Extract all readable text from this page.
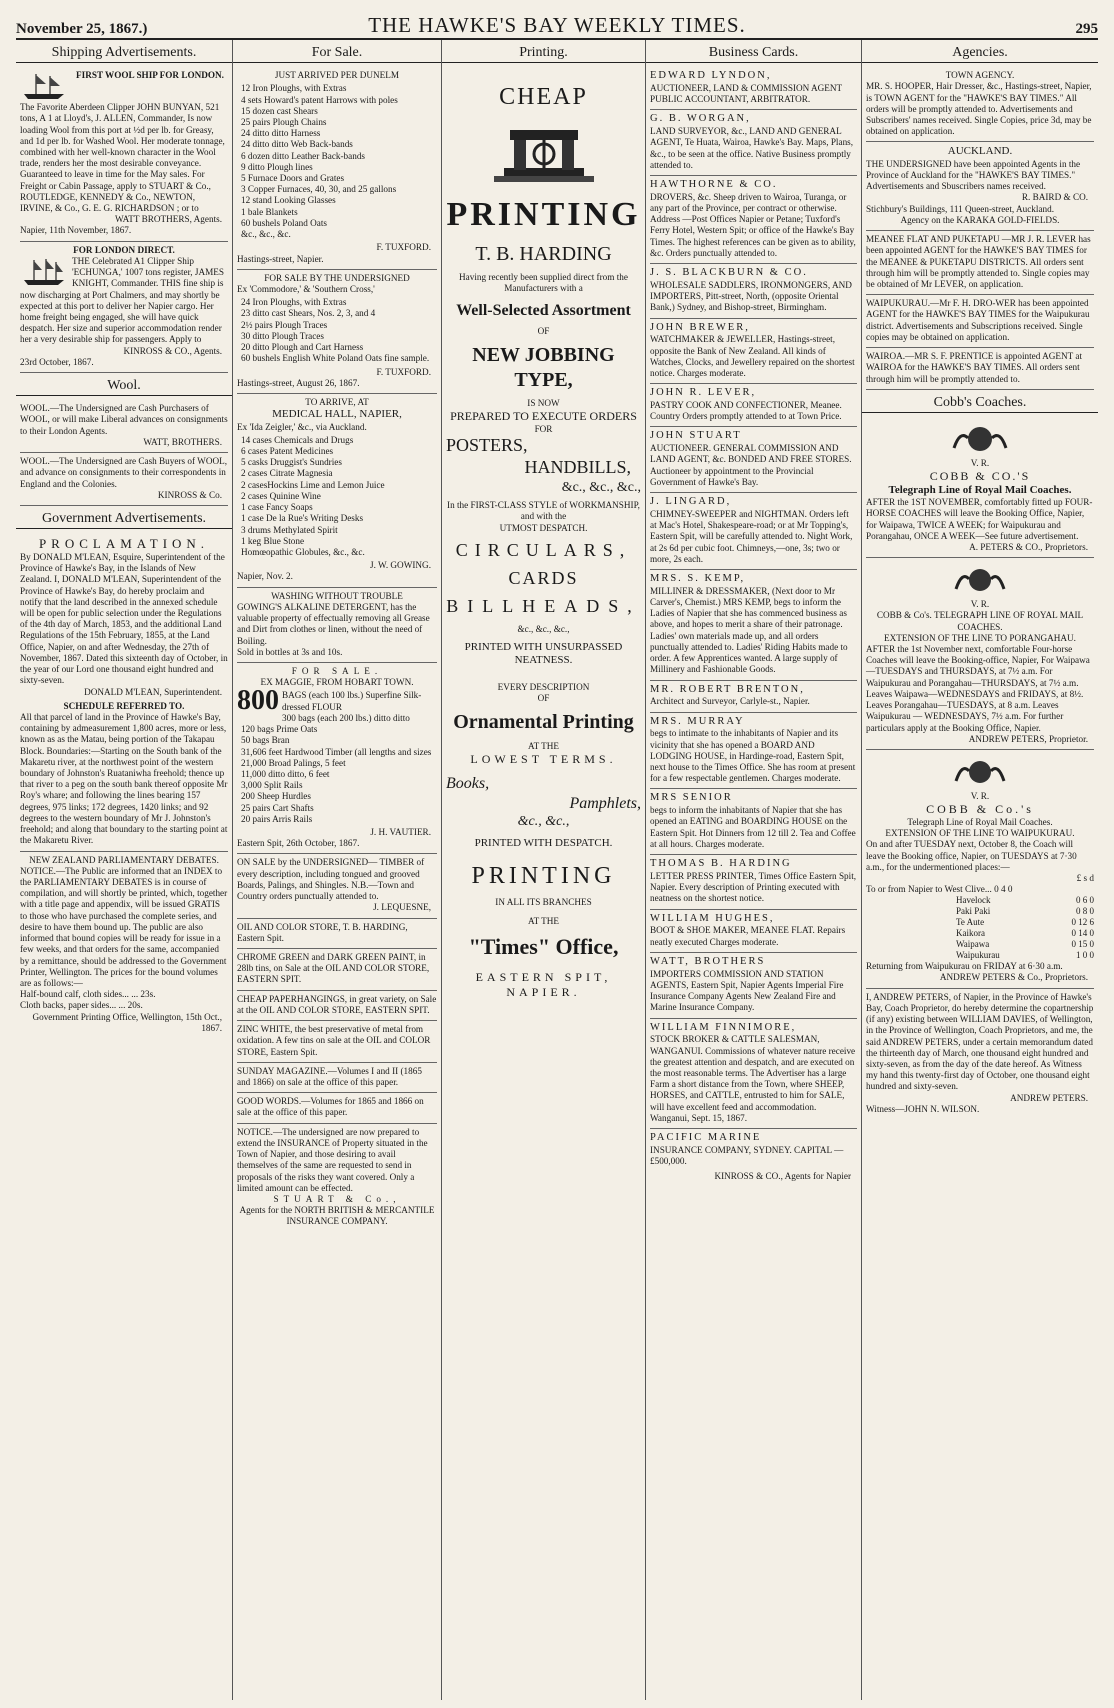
November 25, 1867.)	THE HAWKE'S BAY WEEKLY TIMES.	295
Shipping Advertisements.
FIRST WOOL SHIP FOR LONDON.
The Favorite Aberdeen Clipper JOHN BUNYAN, 521 tons, A 1 at Lloyd's, J. ALLEN, Commander, Is now loading Wool from this port at ½d per lb. for Greasy, and 1d per lb. for Washed Wool. Her moderate tonnage, combined with her well-known character in the Wool trade, renders her the most desirable conveyance. Guaranteed to leave in time for the May sales. For Freight or Cabin Passage, apply to STUART & Co., ROUTLEDGE, KENNEDY & Co., NEWTON, IRVINE, & Co., G. E. G. RICHARDSON ; or to
WATT BROTHERS, Agents.
Napier, 11th November, 1867.
FOR LONDON DIRECT.
THE Celebrated A1 Clipper Ship 'ECHUNGA,' 1007 tons register, JAMES KNIGHT, Commander. THIS fine ship is now discharging at Port Chalmers, and may shortly be expected at this port to deliver her Napier cargo. Her home freight being engaged, she will have quick despatch. Her size and superior accommodation render her a very desirable ship for passengers. Apply to
KINROSS & CO., Agents.
23rd October, 1867.
Wool.
WOOL.—The Undersigned are Cash Purchasers of WOOL, or will make Liberal advances on consignments to their London Agents.
WATT, BROTHERS.
WOOL.—The Undersigned are Cash Buyers of WOOL, and advance on consignments to their correspondents in England and the Colonies.
KINROSS & Co.
Government Advertisements.
PROCLAMATION.
By DONALD M'LEAN, Esquire, Superintendent of the Province of Hawke's Bay, in the Islands of New Zealand. I, DONALD M'LEAN, Superintendent of the Province of Hawke's Bay, do hereby proclaim and notify that the land described in the annexed schedule will be open for public selection under the Regulations of the 4th day of March, 1853, and the additional Land Regulations of the 15th February, 1855, at the Land Office, Napier, on and after Wednesday, the 27th of November, 1867. Dated this sixteenth day of October, in the year of our Lord one thousand eight hundred and sixty-seven.
DONALD M'LEAN, Superintendent.
SCHEDULE REFERRED TO.
All that parcel of land in the Province of Hawke's Bay, containing by admeasurement 1,800 acres, more or less, known as as the Matau, being portion of the Takapau Block. Boundaries:—Starting on the South bank of the Makaretu river, at the northwest point of the western boundary of Johnston's Ruataniwha freehold; thence up that river to a peg on the south bank thereof opposite Mr Roy's whare; and following the lines bearing 157 degrees, 975 links; 172 degrees, 1420 links; and 92 degrees to the western boundary of Mr J. Johnston's freehold; and along that boundary to the starting point at the Makaretu River.
NEW ZEALAND PARLIAMENTARY DEBATES.
NOTICE.—The Public are informed that an INDEX to the PARLIAMENTARY DEBATES is in course of compilation, and will shortly be printed, which, together with a title page and appendix, will be issued GRATIS to those who have purchased the complete series, and desire to have them bound up. The public are also informed that bound copies will be ready for issue in a few weeks, and that orders for the same, accompanied by a remittance, should be addressed to the Government Printer, Wellington. The prices for the bound volumes are as follows:—
Half-bound calf, cloth sides... ... 23s.
Cloth backs, paper sides... ... 20s.
Government Printing Office, Wellington, 15th Oct., 1867.
For Sale.
JUST ARRIVED PER DUNELM
12 Iron Ploughs, with Extras
4 sets Howard's patent Harrows with poles
15 dozen cast Shears
25 pairs Plough Chains
24 ditto ditto Harness
24 ditto ditto Web Back-bands
6 dozen ditto Leather Back-bands
9 ditto Plough lines
5 Furnace Doors and Grates
3 Copper Furnaces, 40, 30, and 25 gallons
12 stand Looking Glasses
1 bale Blankets
60 bushels Poland Oats
&c., &c., &c.
F. TUXFORD.
Hastings-street, Napier.
FOR SALE BY THE UNDERSIGNED
Ex 'Commodore,' & 'Southern Cross,'
24 Iron Ploughs, with Extras
23 ditto cast Shears, Nos. 2, 3, and 4
2½ pairs Plough Traces
30 ditto Plough Traces
20 ditto Plough and Cart Harness
60 bushels English White Poland Oats fine sample.
F. TUXFORD.
Hastings-street, August 26, 1867.
TO ARRIVE, AT
MEDICAL HALL, NAPIER,
Ex 'Ida Zeigler,' &c., via Auckland.
14 cases Chemicals and Drugs
6 cases Patent Medicines
5 casks Druggist's Sundries
2 cases Citrate Magnesia
2 casesHockins Lime and Lemon Juice
2 cases Quinine Wine
1 case Fancy Soaps
1 case De la Rue's Writing Desks
3 drums Methylated Spirit
1 keg Blue Stone
Homœopathic Globules, &c., &c.
J. W. GOWING.
Napier, Nov. 2.
WASHING WITHOUT TROUBLE
GOWING'S ALKALINE DETERGENT, has the valuable property of effectually removing all Grease and Dirt from clothes or linen, without the need of Boiling.
Sold in bottles at 3s and 10s.
FOR SALE.
EX MAGGIE, FROM HOBART TOWN.
800 BAGS (each 100 lbs.) Superfine Silk-dressed FLOUR
300 bags (each 200 lbs.) ditto ditto
120 bags Prime Oats
50 bags Bran
31,606 feet Hardwood Timber (all lengths and sizes
21,000 Broad Palings, 5 feet
11,000 ditto ditto, 6 feet
3,000 Split Rails
200 Sheep Hurdles
25 pairs Cart Shafts
20 pairs Arris Rails
J. H. VAUTIER.
Eastern Spit, 26th October, 1867.
ON SALE by the UNDERSIGNED— TIMBER of every description, including tongued and grooved Boards, Palings, and Shingles. N.B.—Town and Country orders punctually attended to.
J. LEQUESNE,
OIL AND COLOR STORE, T. B. HARDING, Eastern Spit.
CHROME GREEN and DARK GREEN PAINT, in 28lb tins, on Sale at the OIL AND COLOR STORE, EASTERN SPIT.
CHEAP PAPERHANGINGS, in great variety, on Sale at the OIL AND COLOR STORE, EASTERN SPIT.
ZINC WHITE, the best preservative of metal from oxidation. A few tins on sale at the OIL and COLOR STORE, Eastern Spit.
SUNDAY MAGAZINE.—Volumes I and II (1865 and 1866) on sale at the office of this paper.
GOOD WORDS.—Volumes for 1865 and 1866 on sale at the office of this paper.
NOTICE.—The undersigned are now prepared to extend the INSURANCE of Property situated in the Town of Napier, and those desiring to avail themselves of the same are requested to send in proposals of the risks they want covered. Only a limited amount can be effected.
STUART & Co.,
Agents for the NORTH BRITISH & MERCANTILE INSURANCE COMPANY.
Printing.
CHEAP
PRINTING
T. B. HARDING
Having recently been supplied direct from the Manufacturers with a
Well-Selected Assortment
OF
NEW JOBBING TYPE,
IS NOW
PREPARED TO EXECUTE ORDERS
FOR
POSTERS,
HANDBILLS,
&c., &c., &c.,
In the FIRST-CLASS STYLE of WORKMANSHIP, and with the
UTMOST DESPATCH.
CIRCULARS,
CARDS
BILLHEADS,
&c., &c., &c.,
PRINTED WITH UNSURPASSED NEATNESS.
EVERY DESCRIPTION
OF
Ornamental Printing
AT THE
LOWEST TERMS.
Books,
Pamphlets,
&c., &c.,
PRINTED WITH DESPATCH.
PRINTING
IN ALL ITS BRANCHES
AT THE
"Times" Office,
EASTERN SPIT,
NAPIER.
Business Cards.
EDWARD LYNDON,
AUCTIONEER, LAND & COMMISSION AGENT PUBLIC ACCOUNTANT, ARBITRATOR.
G. B. WORGAN,
LAND SURVEYOR, &c., LAND AND GENERAL AGENT, Te Huata, Wairoa, Hawke's Bay. Maps, Plans, &c., to be seen at the office. Native Business promptly attended to.
HAWTHORNE & CO.
DROVERS, &c. Sheep driven to Wairoa, Turanga, or any part of the Province, per contract or otherwise. Address —Post Offices Napier or Petane; Tuxford's Ferry Hotel, Western Spit; or office of the Hawke's Bay Times. The highest references can be given as to ability, &c. Orders punctually attended to.
J. S. BLACKBURN & CO.
WHOLESALE SADDLERS, IRONMONGERS, AND IMPORTERS, Pitt-street, North, (opposite Oriental Bank,) Sydney, and Bishop-street, Birmingham.
JOHN BREWER,
WATCHMAKER & JEWELLER, Hastings-street, opposite the Bank of New Zealand. All kinds of Watches, Clocks, and Jewellery repaired on the shortest notice. Charges moderate.
JOHN R. LEVER,
PASTRY COOK AND CONFECTIONER, Meanee. Country Orders promptly attended to at Town Price.
JOHN STUART
AUCTIONEER. GENERAL COMMISSION AND LAND AGENT, &c. BONDED AND FREE STORES. Auctioneer by appointment to the Provincial Government of Hawke's Bay.
J. LINGARD,
CHIMNEY-SWEEPER and NIGHTMAN. Orders left at Mac's Hotel, Shakespeare-road; or at Mr Topping's, Eastern Spit, will be carefully attended to. Night Work, at 2s 6d per cubic foot. Chimneys,—one, 3s; two or more, 2s each.
MRS. S. KEMP,
MILLINER & DRESSMAKER, (Next door to Mr Carver's, Chemist.) MRS KEMP, begs to inform the Ladies of Napier that she has commenced business as above, and hopes to merit a share of their patronage. Ladies' own materials made up, and all orders punctually attended to. Ladies' Riding Habits made to order. A few Apprentices wanted. A large supply of Millinery and Fashionable Goods.
MR. ROBERT BRENTON,
Architect and Surveyor, Carlyle-st., Napier.
MRS. MURRAY
begs to intimate to the inhabitants of Napier and its vicinity that she has opened a BOARD AND LODGING HOUSE, in Hardinge-road, Eastern Spit, next house to the Times Office. She has room at present for a few respectable gentlemen. Charges moderate.
MRS SENIOR
begs to inform the inhabitants of Napier that she has opened an EATING and BOARDING HOUSE on the Eastern Spit. Hot Dinners from 12 till 2. Tea and Coffee at all hours. Charges moderate.
THOMAS B. HARDING
LETTER PRESS PRINTER, Times Office Eastern Spit, Napier. Every description of Printing executed with neatness on the shortest notice.
WILLIAM HUGHES,
BOOT & SHOE MAKER, MEANEE FLAT. Repairs neatly executed Charges moderate.
WATT, BROTHERS
IMPORTERS COMMISSION AND STATION AGENTS, Eastern Spit, Napier Agents Imperial Fire Insurance Company Agents New Zealand Fire and Marine Insurance Company.
WILLIAM FINNIMORE,
STOCK BROKER & CATTLE SALESMAN, WANGANUI. Commissions of whatever nature receive the greatest attention and despatch, and are executed on the most reasonable terms. The Advertiser has a large Farm a short distance from the Town, where SHEEP, HORSES, and CATTLE, entrusted to him for SALE, will have excellent feed and accommodation. Wanganui, Sept. 15, 1867.
PACIFIC MARINE
INSURANCE COMPANY, SYDNEY. CAPITAL — £500,000.
KINROSS & CO., Agents for Napier
Agencies.
TOWN AGENCY.
MR. S. HOOPER, Hair Dresser, &c., Hastings-street, Napier, is TOWN AGENT for the "HAWKE'S BAY TIMES." All orders will be promptly attended to. Advertisements and Subscribers' names received. Single Copies, price 3d, may be obtained on application.
AUCKLAND.
THE UNDERSIGNED have been appointed Agents in the Province of Auckland for the "HAWKE'S BAY TIMES." Advertisements and Sbuscribers names received.
R. BAIRD & CO.
Stichbury's Buildings, 111 Queen-street, Auckland.
Agency on the KARAKA GOLD-FIELDS.
MEANEE FLAT AND PUKETAPU —MR J. R. LEVER has been appointed AGENT for the HAWKE'S BAY TIMES for the MEANEE & PUKETAPU DISTRICTS. All orders sent through him will be promptly attended to. Single copies may be obtained of Mr LEVER, on application.
WAIPUKURAU.—Mr F. H. DRO-WER has been appointed AGENT for the HAWKE'S BAY TIMES for the Waipukurau district. Advertisements and Subscriptions received. Single copies may be obtained on application.
WAIROA.—MR S. F. PRENTICE is appointed AGENT at WAIROA for the HAWKE'S BAY TIMES. All orders sent through him will be promptly attended to.
Cobb's Coaches.
V. R.
COBB & CO.'S
Telegraph Line of Royal Mail Coaches.
AFTER the 1ST NOVEMBER, comfortably fitted up FOUR-HORSE COACHES will leave the Booking Office, Napier, for Waipawa, TWICE A WEEK; for Waipukurau and Porangahau, ONCE A WEEK—See future advertisement.
A. PETERS & CO., Proprietors.
V. R.
COBB & Co's. TELEGRAPH LINE OF ROYAL MAIL COACHES.
EXTENSION OF THE LINE TO PORANGAHAU.
AFTER the 1st November next, comfortable Four-horse Coaches will leave the Booking-office, Napier, For Waipawa—TUESDAYS and THURSDAYS, at 7½ a.m. For Waipukurau and Porangahau—THURSDAYS, at 7½ a.m. Leaves Waipawa—WEDNESDAYS and FRIDAYS, at 8½. Leaves Porangahau—TUESDAYS, at 8 a.m. Leaves Waipukurau — WEDNESDAYS, 7½ a.m. For further particulars apply at the Booking Office, Napier.
ANDREW PETERS, Proprietor.
V. R.
COBB & Co.'s
Telegraph Line of Royal Mail Coaches.
EXTENSION OF THE LINE TO WAIPUKURAU.
On and after TUESDAY next, October 8, the Coach will leave the Booking office, Napier, on TUESDAYS at 7·30 a.m., for the undermentioned places:—
£ s d
To or from Napier to West Clive... 0 4 0
Havelock	0 6 0
Paki Paki	0 8 0
Te Aute	0 12 6
Kaikora	0 14 0
Waipawa	0 15 0
Waipukurau	1 0 0
Returning from Waipukurau on FRIDAY at 6·30 a.m.
ANDREW PETERS & Co., Proprietors.
I, ANDREW PETERS, of Napier, in the Province of Hawke's Bay, Coach Proprietor, do hereby determine the copartnership (if any) existing between WILLIAM DAVIES, of Wellington, in the Province of Wellington, Coach Proprietors, and me, the said ANDREW PETERS, under a certain memorandum dated the thirteenth day of March, one thousand eight hundred and sixty-seven, as from the day of the date hereof. As Witness my hand this twenty-first day of October, one thousand eight hundred and sixty-seven.
ANDREW PETERS.
Witness—JOHN N. WILSON.
